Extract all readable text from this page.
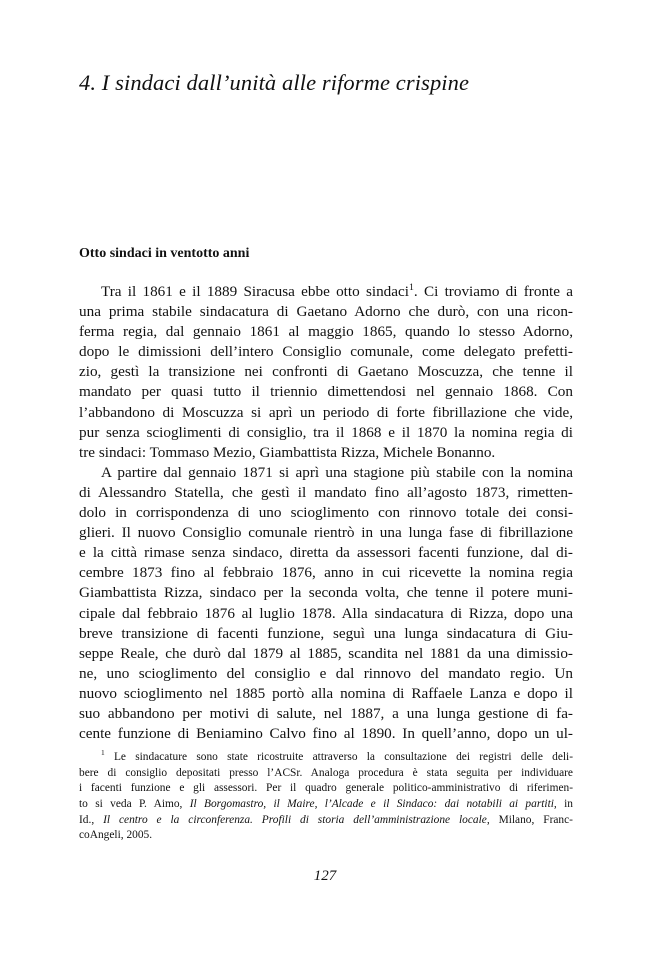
4. I sindaci dall’unità alle riforme crispine
Otto sindaci in ventotto anni
Tra il 1861 e il 1889 Siracusa ebbe otto sindaci$^1$. Ci troviamo di fronte a
una prima stabile sindacatura di Gaetano Adorno che durò, con una ricon-
ferma regia, dal gennaio 1861 al maggio 1865, quando lo stesso Adorno,
dopo le dimissioni dell’intero Consiglio comunale, come delegato prefetti-
zio, gestì la transizione nei confronti di Gaetano Moscuzza, che tenne il
mandato per quasi tutto il triennio dimettendosi nel gennaio 1868. Con
l’abbandono di Moscuzza si aprì un periodo di forte fibrillazione che vide,
pur senza scioglimenti di consiglio, tra il 1868 e il 1870 la nomina regia di
tre sindaci: Tommaso Mezio, Giambattista Rizza, Michele Bonanno.
A partire dal gennaio 1871 si aprì una stagione più stabile con la nomina
di Alessandro Statella, che gestì il mandato fino all’agosto 1873, rimetten-
dolo in corrispondenza di uno scioglimento con rinnovo totale dei consi-
glieri. Il nuovo Consiglio comunale rientrò in una lunga fase di fibrillazione
e la città rimase senza sindaco, diretta da assessori facenti funzione, dal di-
cembre 1873 fino al febbraio 1876, anno in cui ricevette la nomina regia
Giambattista Rizza, sindaco per la seconda volta, che tenne il potere muni-
cipale dal febbraio 1876 al luglio 1878. Alla sindacatura di Rizza, dopo una
breve transizione di facenti funzione, seguì una lunga sindacatura di Giu-
seppe Reale, che durò dal 1879 al 1885, scandita nel 1881 da una dimissio-
ne, uno scioglimento del consiglio e dal rinnovo del mandato regio. Un
nuovo scioglimento nel 1885 portò alla nomina di Raffaele Lanza e dopo il
suo abbandono per motivi di salute, nel 1887, a una lunga gestione di fa-
cente funzione di Beniamino Calvo fino al 1890. In quell’anno, dopo un ul-
$^1$ Le sindacature sono state ricostruite attraverso la consultazione dei registri delle deli-
bere di consiglio depositati presso l’ACSr. Analoga procedura è stata seguita per individuare
i facenti funzione e gli assessori. Per il quadro generale politico-amministrativo di riferimen-
to si veda P. Aimo, Il Borgomastro, il Maire, l’Alcade e il Sindaco: dai notabili ai partiti, in
Id., Il centro e la circonferenza. Profili di storia dell’amministrazione locale, Milano, Franc-
coAngeli, 2005.
127
